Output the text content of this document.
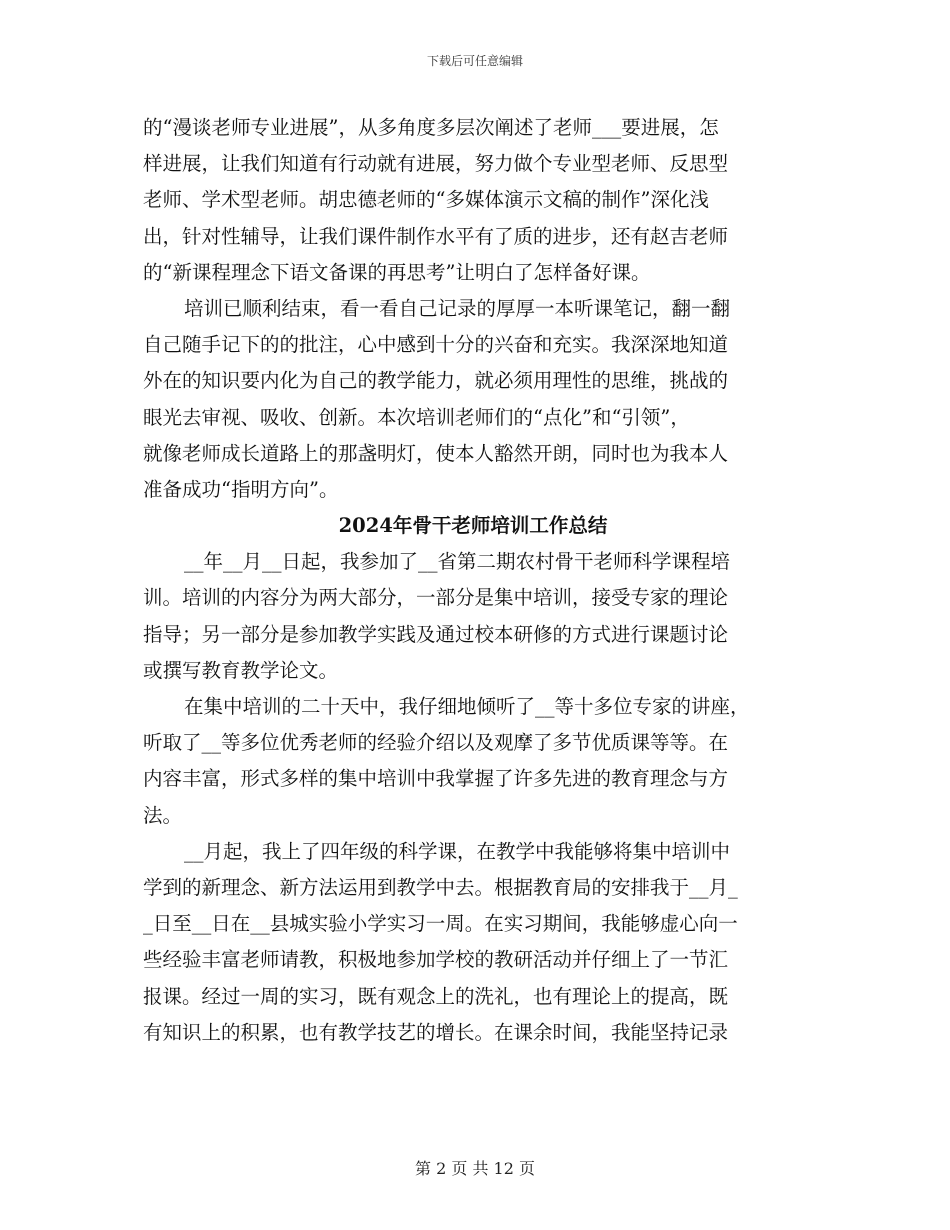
下载后可任意编辑
的“漫谈老师专业进展”，从多角度多层次阐述了老师___要进展，怎
样进展，让我们知道有行动就有进展，努力做个专业型老师、反思型
老师、学术型老师。胡忠德老师的“多媒体演示文稿的制作”深化浅
出，针对性辅导，让我们课件制作水平有了质的进步，还有赵吉老师
的“新课程理念下语文备课的再思考”让明白了怎样备好课。
培训已顺利结束，看一看自己记录的厚厚一本听课笔记，翻一翻
自己随手记下的的批注，心中感到十分的兴奋和充实。我深深地知道
外在的知识要内化为自己的教学能力，就必须用理性的思维，挑战的
眼光去审视、吸收、创新。本次培训老师们的“点化”和“引领”，
就像老师成长道路上的那盏明灯，使本人豁然开朗，同时也为我本人
准备成功“指明方向”。
2024年骨干老师培训工作总结
__年__月__日起，我参加了__省第二期农村骨干老师科学课程培
训。培训的内容分为两大部分，一部分是集中培训，接受专家的理论
指导；另一部分是参加教学实践及通过校本研修的方式进行课题讨论
或撰写教育教学论文。
在集中培训的二十天中，我仔细地倾听了__等十多位专家的讲座，
听取了__等多位优秀老师的经验介绍以及观摩了多节优质课等等。在
内容丰富，形式多样的集中培训中我掌握了许多先进的教育理念与方
法。
__月起，我上了四年级的科学课，在教学中我能够将集中培训中
学到的新理念、新方法运用到教学中去。根据教育局的安排我于__月_
_日至__日在__县城实验小学实习一周。在实习期间，我能够虚心向一
些经验丰富老师请教，积极地参加学校的教研活动并仔细上了一节汇
报课。经过一周的实习，既有观念上的洗礼，也有理论上的提高，既
有知识上的积累，也有教学技艺的增长。在课余时间，我能坚持记录
第 2 页 共 12 页
